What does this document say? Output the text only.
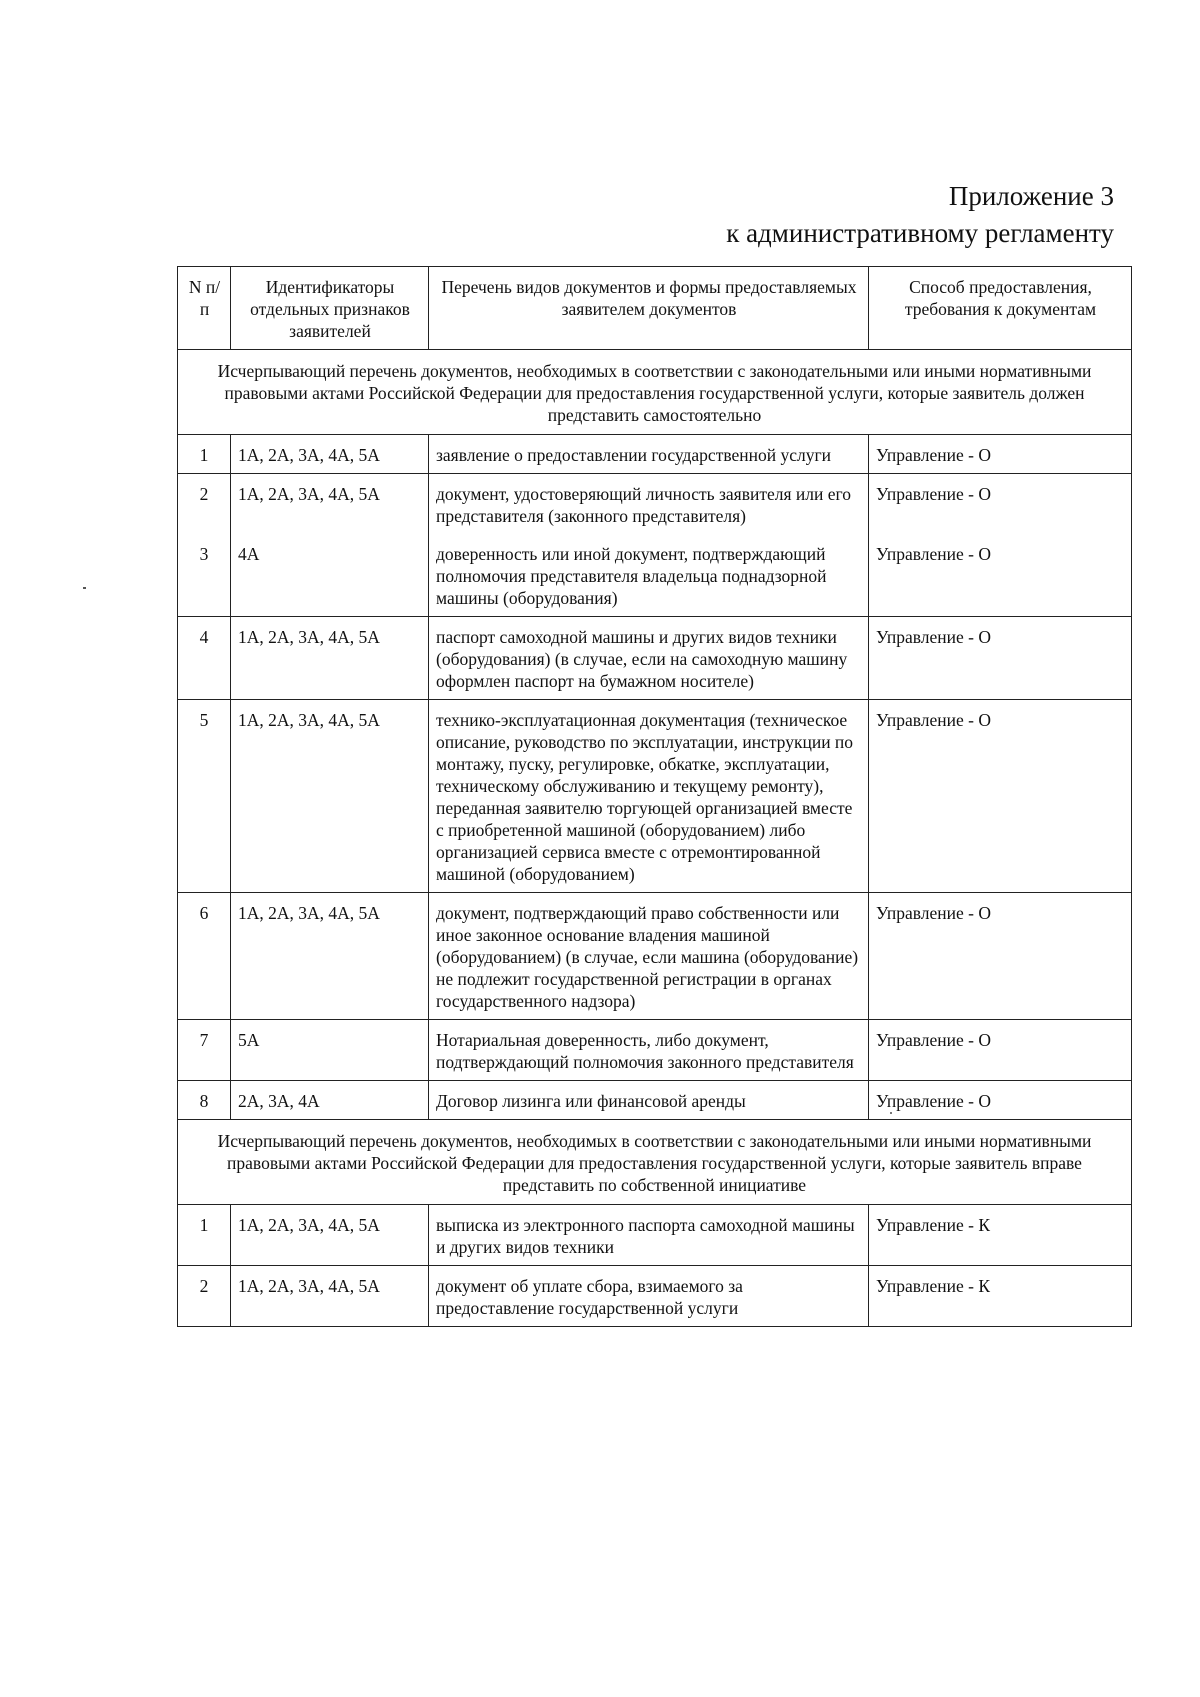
Приложение 3
к административному регламенту
N п/п	Идентификаторы отдельных признаков заявителей	Перечень видов документов и формы предоставляемых заявителем документов	Способ предоставления, требования к документам
Исчерпывающий перечень документов, необходимых в соответствии с законодательными или иными нормативными правовыми актами Российской Федерации для предоставления государственной услуги, которые заявитель должен представить самостоятельно			
1	1А, 2А, 3А, 4А, 5А	заявление о предоставлении государственной услуги	Управление - О
2	1А, 2А, 3А, 4А, 5А	документ, удостоверяющий личность заявителя или его представителя (законного представителя)	Управление - О
3	4А	доверенность или иной документ, подтверждающий полномочия представителя владельца поднадзорной машины (оборудования)	Управление - О
4	1А, 2А, 3А, 4А, 5А	паспорт самоходной машины и других видов техники (оборудования) (в случае, если на самоходную машину оформлен паспорт на бумажном носителе)	Управление - О
5	1А, 2А, 3А, 4А, 5А	технико-эксплуатационная документация (техническое описание, руководство по эксплуатации, инструкции по монтажу, пуску, регулировке, обкатке, эксплуатации, техническому обслуживанию и текущему ремонту), переданная заявителю торгующей организацией вместе с приобретенной машиной (оборудованием) либо организацией сервиса вместе с отремонтированной машиной (оборудованием)	Управление - О
6	1А, 2А, 3А, 4А, 5А	документ, подтверждающий право собственности или иное законное основание владения машиной (оборудованием) (в случае, если машина (оборудование) не подлежит государственной регистрации в органах государственного надзора)	Управление - О
7	5А	Нотариальная доверенность, либо документ, подтверждающий полномочия законного представителя	Управление - О
8	2А, 3А, 4А	Договор лизинга или финансовой аренды	Управление - О
Исчерпывающий перечень документов, необходимых в соответствии с законодательными или иными нормативными правовыми актами Российской Федерации для предоставления государственной услуги, которые заявитель вправе представить по собственной инициативе			
1	1А, 2А, 3А, 4А, 5А	выписка из электронного паспорта самоходной машины и других видов техники	Управление - К
2	1А, 2А, 3А, 4А, 5А	документ об уплате сбора, взимаемого за предоставление государственной услуги	Управление - К
